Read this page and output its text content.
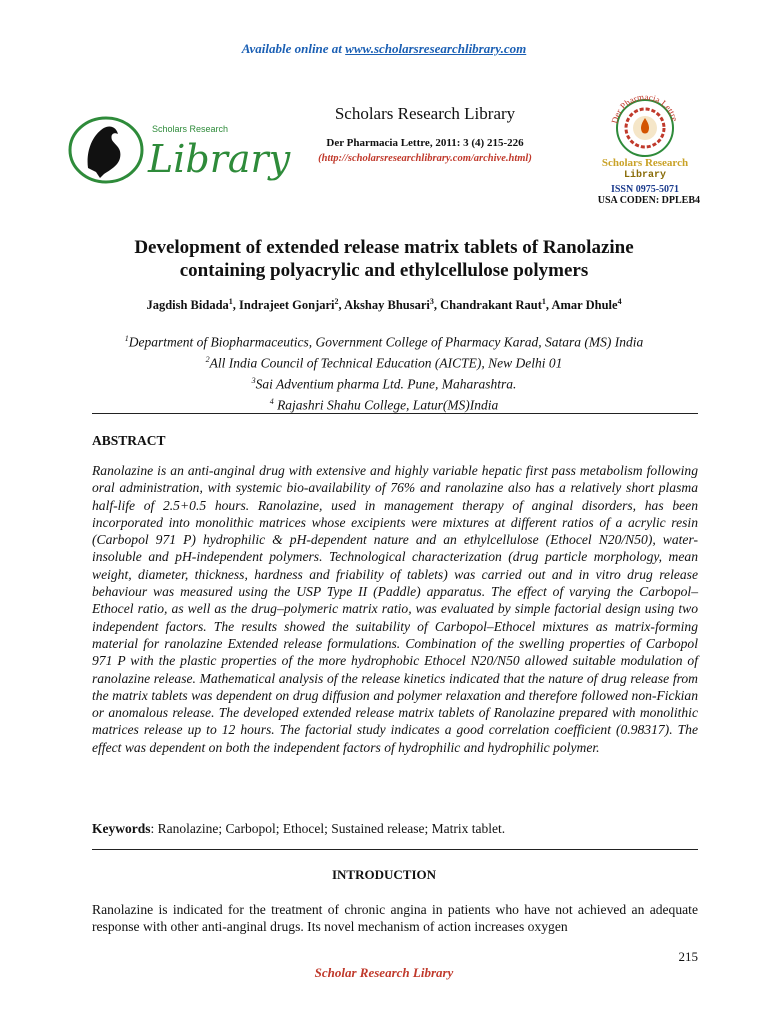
Available online at www.scholarsresearchlibrary.com
Scholars Research
Library
Scholars Research Library
Der Pharmacia Lettre, 2011: 3 (4) 215-226
(http://scholarsresearchlibrary.com/archive.html)
Der Pharmacia Lettre
Scholars Research
Library
ISSN 0975-5071
USA CODEN: DPLEB4
Development of extended release matrix tablets of Ranolazine
containing polyacrylic and ethylcellulose polymers
Jagdish Bidada$^1$, Indrajeet Gonjari$^2$, Akshay Bhusari$^3$, Chandrakant Raut$^1$, Amar Dhule$^4$
$^1$Department of Biopharmaceutics, Government College of Pharmacy Karad, Satara (MS) India
$^2$All India Council of Technical Education (AICTE), New Delhi 01
$^3$Sai Adventium pharma Ltd. Pune, Maharashtra.
$^4$ Rajashri Shahu College, Latur(MS)India
ABSTRACT
Ranolazine is an anti-anginal drug with extensive and highly variable hepatic first pass metabolism following oral administration, with systemic bio-availability of 76% and ranolazine also has a relatively short plasma half-life of 2.5+0.5 hours. Ranolazine, used in management therapy of anginal disorders, has been incorporated into monolithic matrices whose excipients were mixtures at different ratios of a acrylic resin (Carbopol 971 P) hydrophilic & pH-dependent nature and an ethylcellulose (Ethocel N20/N50), water-insoluble and pH-independent polymers. Technological characterization (drug particle morphology, mean weight, diameter, thickness, hardness and friability of tablets) was carried out and in vitro drug release behaviour was measured using the USP Type II (Paddle) apparatus. The effect of varying the Carbopol–Ethocel ratio, as well as the drug–polymeric matrix ratio, was evaluated by simple factorial design using two independent factors. The results showed the suitability of Carbopol–Ethocel mixtures as matrix-forming material for ranolazine Extended release formulations. Combination of the swelling properties of Carbopol 971 P with the plastic properties of the more hydrophobic Ethocel N20/N50 allowed suitable modulation of ranolazine release. Mathematical analysis of the release kinetics indicated that the nature of drug release from the matrix tablets was dependent on drug diffusion and polymer relaxation and therefore followed non-Fickian or anomalous release. The developed extended release matrix tablets of Ranolazine prepared with monolithic matrices release up to 12 hours. The factorial study indicates a good correlation coefficient (0.98317). The effect was dependent on both the independent factors of hydrophilic and hydrophilic polymer.
Keywords: Ranolazine; Carbopol; Ethocel; Sustained release; Matrix tablet.
INTRODUCTION
Ranolazine is indicated for the treatment of chronic angina in patients who have not achieved an adequate response with other anti-anginal drugs. Its novel mechanism of action increases oxygen
215
Scholar Research Library
